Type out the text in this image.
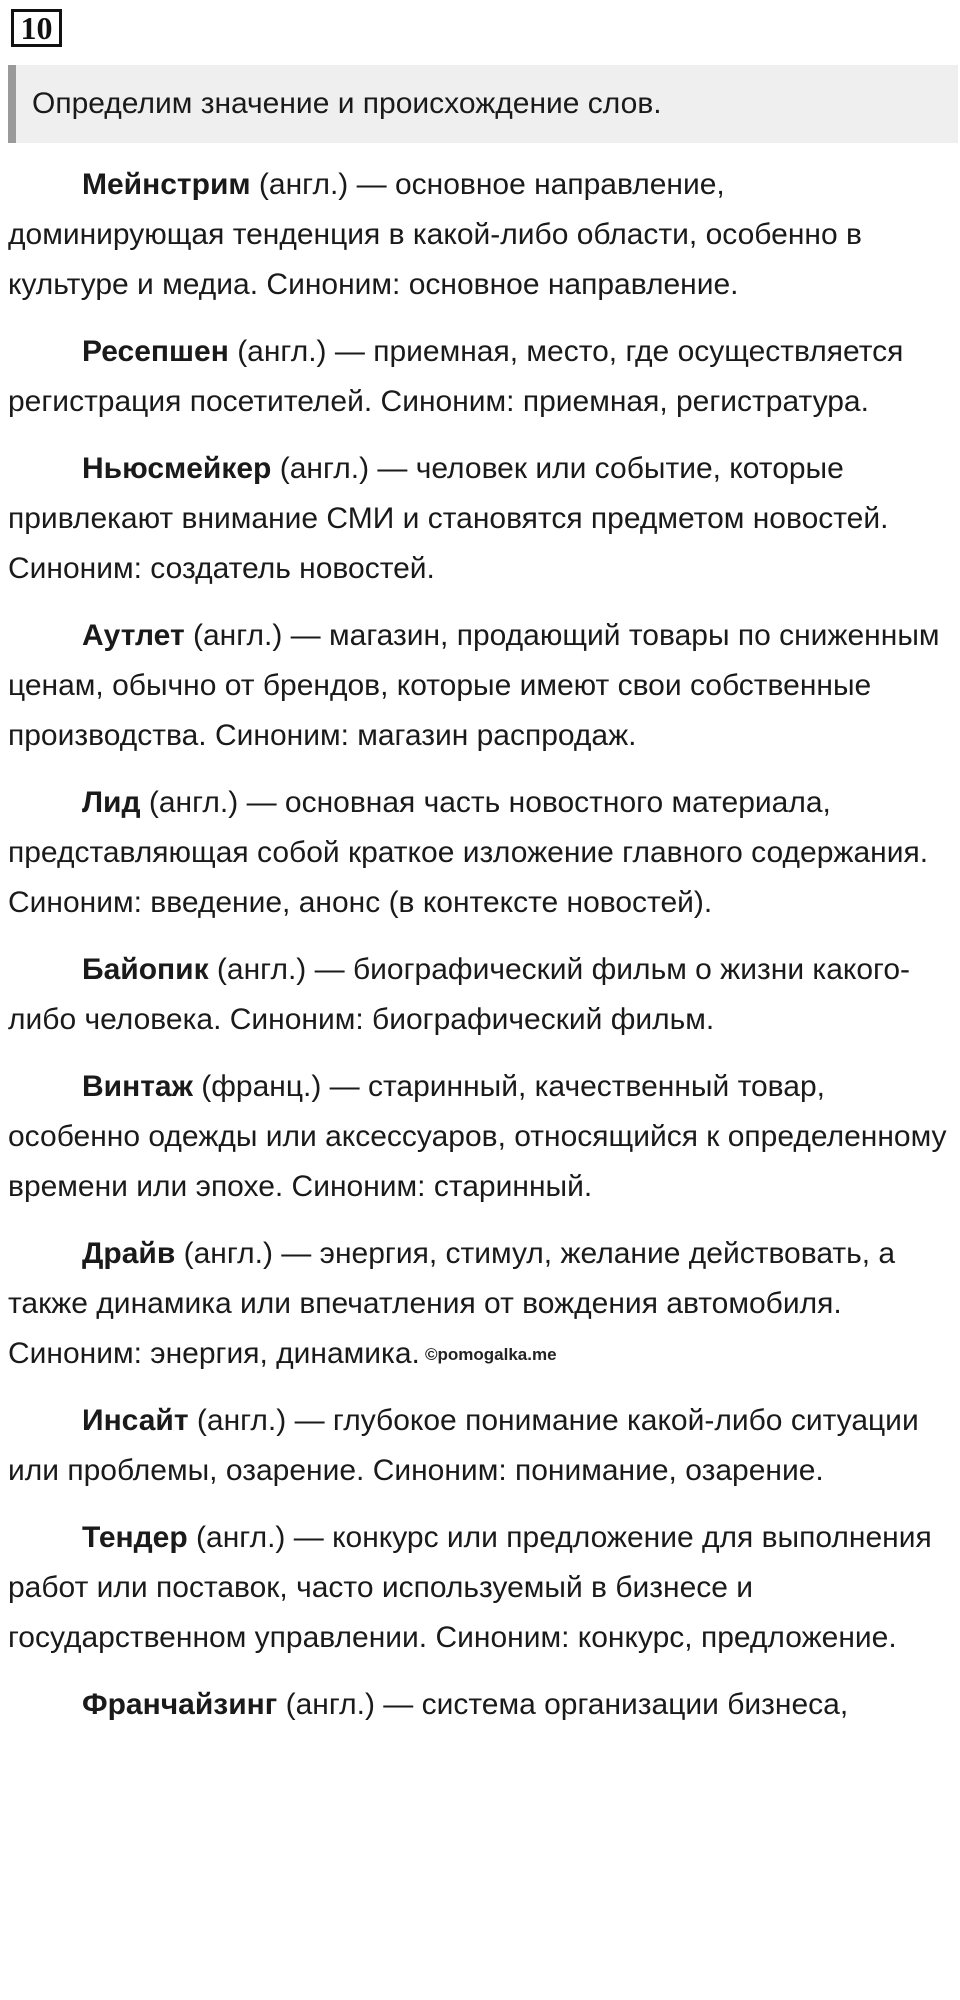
10
Определим значение и происхождение слов.

Мейнстрим (англ.) — основное направление, доминирующая тенденция в какой-либо области, особенно в культуре и медиа. Синоним: основное направление.

Ресепшен (англ.) — приемная, место, где осуществляется регистрация посетителей. Синоним: приемная, регистратура.

Ньюсмейкер (англ.) — человек или событие, которые привлекают внимание СМИ и становятся предметом новостей. Синоним: создатель новостей.

Аутлет (англ.) — магазин, продающий товары по сниженным ценам, обычно от брендов, которые имеют свои собственные производства. Синоним: магазин распродаж.

Лид (англ.) — основная часть новостного материала, представляющая собой краткое изложение главного содержания. Синоним: введение, анонс (в контексте новостей).

Байопик (англ.) — биографический фильм о жизни какого-либо человека. Синоним: биографический фильм.

Винтаж (франц.) — старинный, качественный товар, особенно одежды или аксессуаров, относящийся к определенному времени или эпохе. Синоним: старинный.

Драйв (англ.) — энергия, стимул, желание действовать, а также динамика или впечатления от вождения автомобиля. Синоним: энергия, динамика.

Инсайт (англ.) — глубокое понимание какой-либо ситуации или проблемы, озарение. Синоним: понимание, озарение.

Тендер (англ.) — конкурс или предложение для выполнения работ или поставок, часто используемый в бизнесе и государственном управлении. Синоним: конкурс, предложение.

Франчайзинг (англ.) — система организации бизнеса,

©pomogalka.me
